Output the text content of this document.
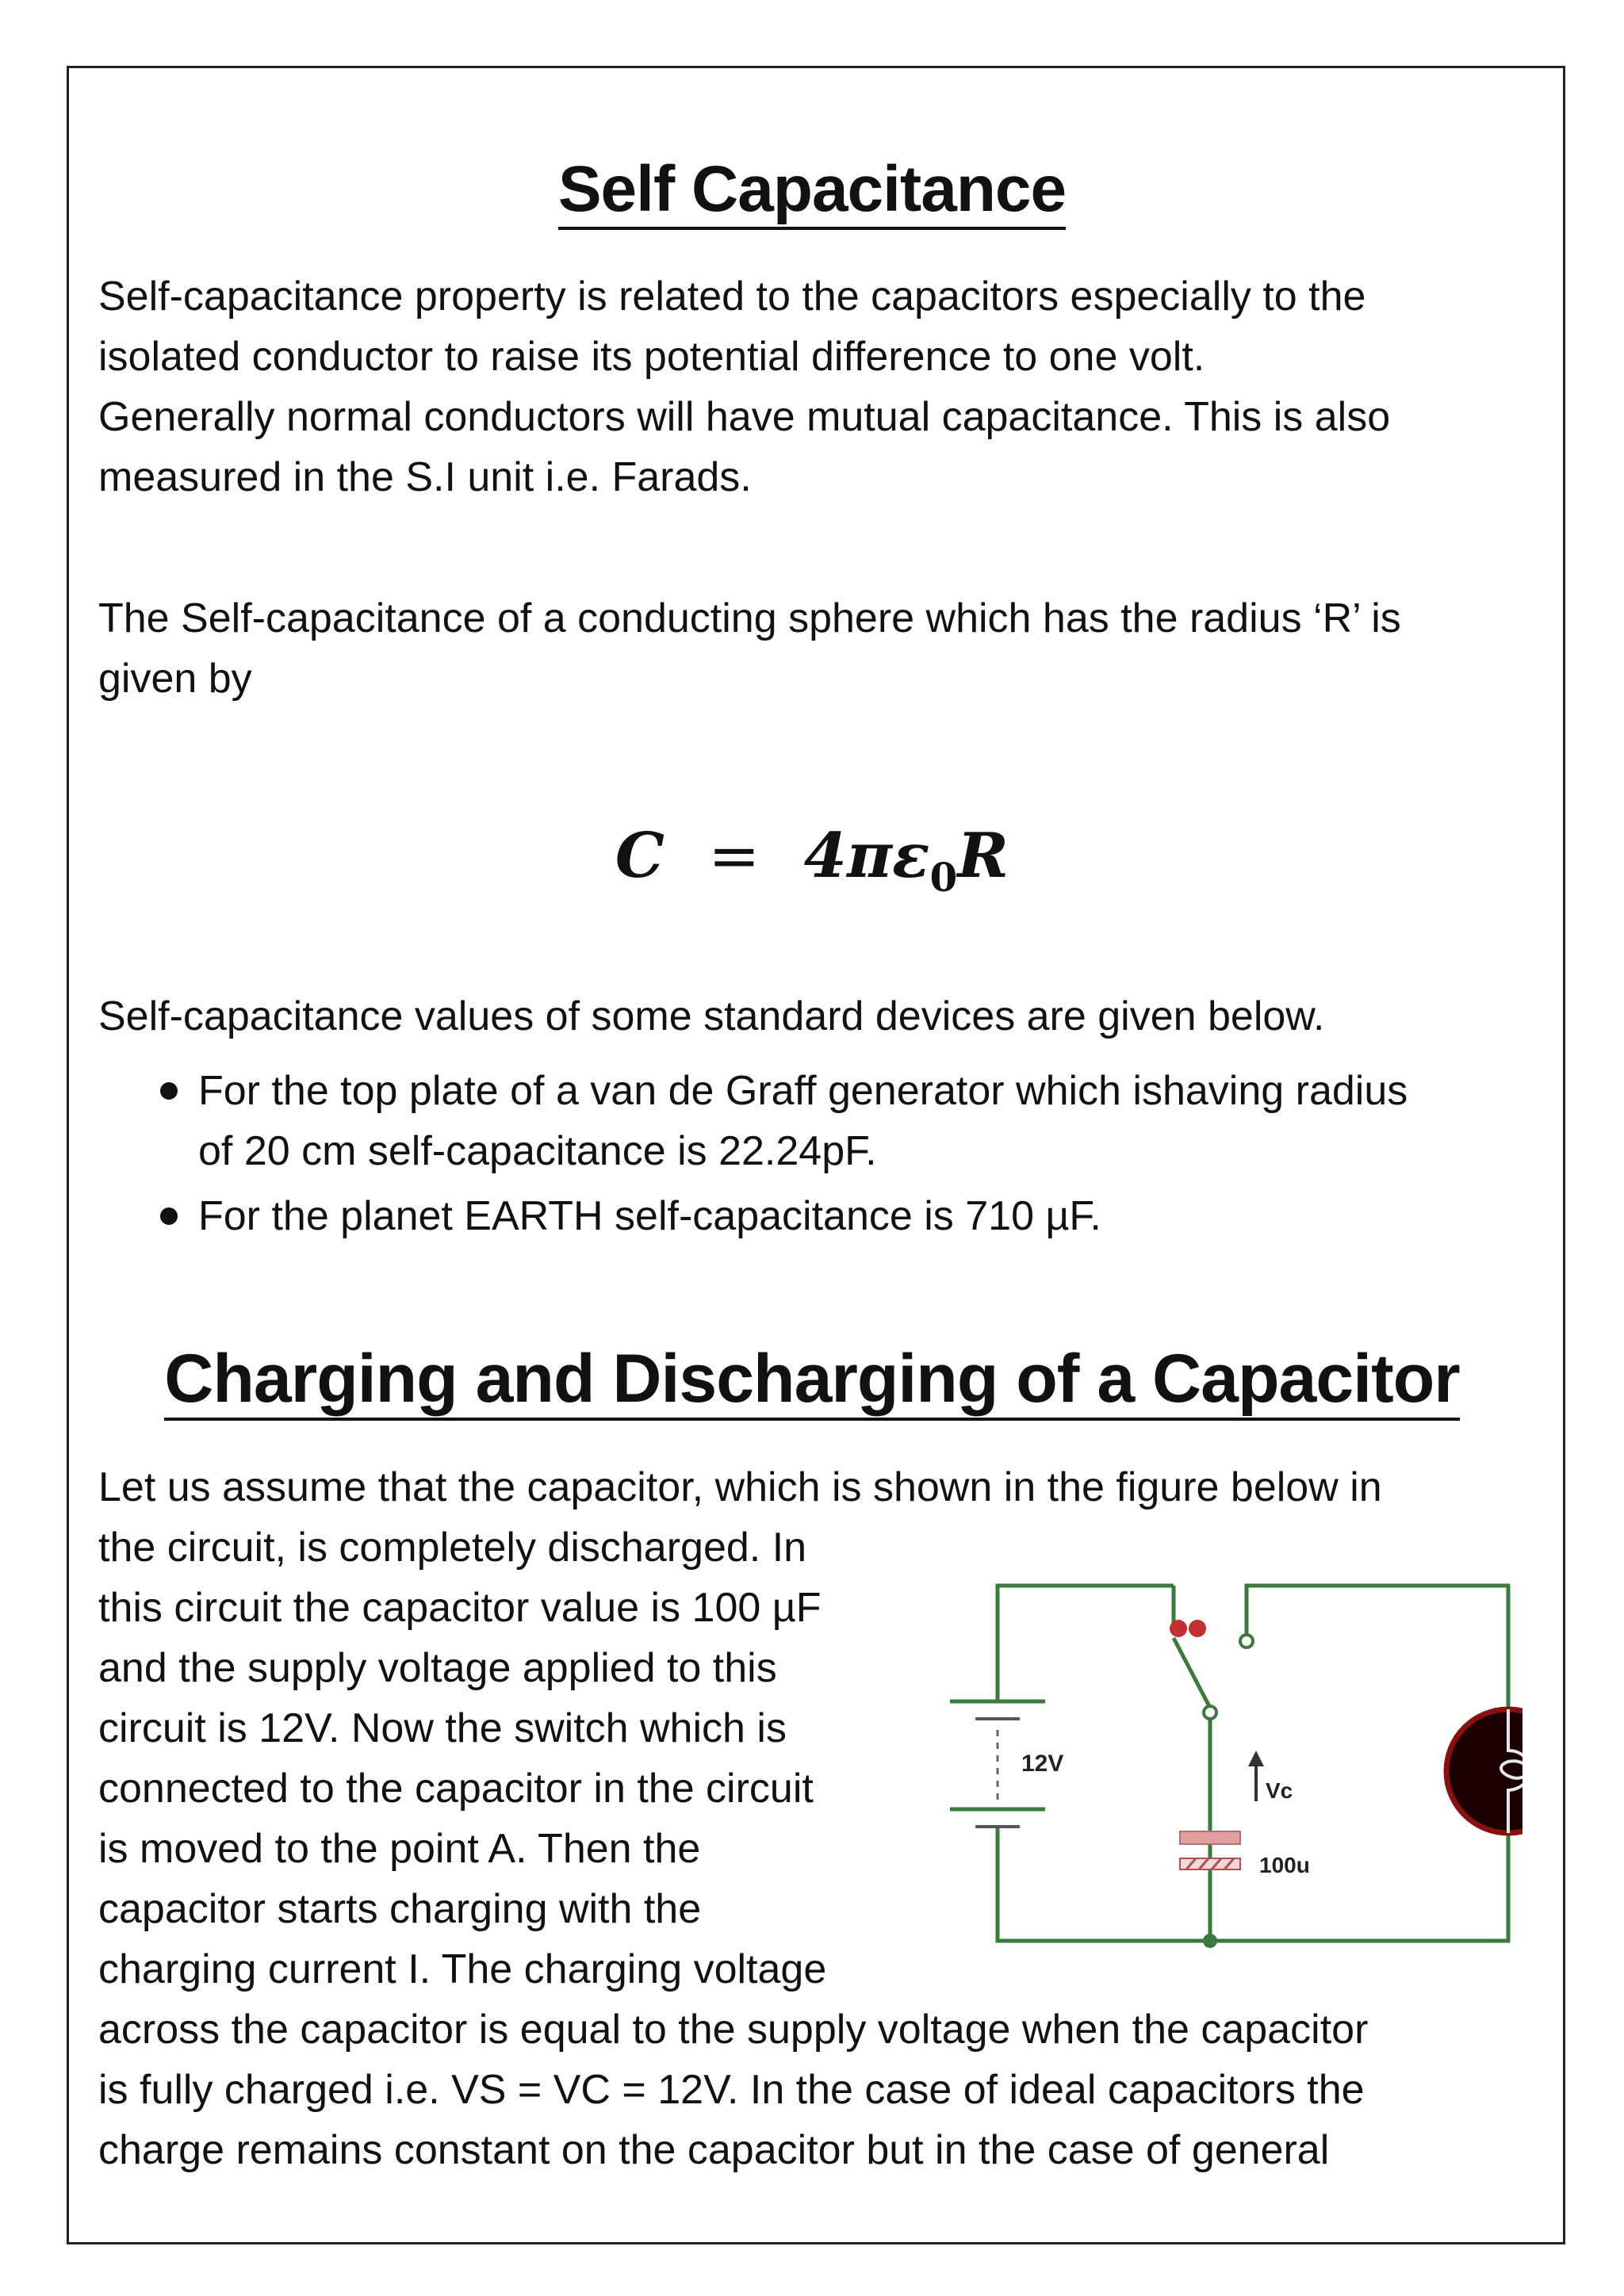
Self Capacitance
Self-capacitance property is related to the capacitors especially to the
isolated conductor to raise its potential difference to one volt.
Generally normal conductors will have mutual capacitance. This is also
measured in the S.I unit i.e. Farads.
The Self-capacitance of a conducting sphere which has the radius ‘R’ is
given by
$C = 4\pi\varepsilon_0R$
Self-capacitance values of some standard devices are given below.
For the top plate of a van de Graff generator which ishaving radius
of 20 cm self-capacitance is 22.24pF.
For the planet EARTH self-capacitance is 710 µF.
Charging and Discharging of a Capacitor
Let us assume that the capacitor, which is shown in the figure below in
the circuit, is completely discharged. In
this circuit the capacitor value is 100 µF
and the supply voltage applied to this
circuit is 12V. Now the switch which is
connected to the capacitor in the circuit
is moved to the point A. Then the
capacitor starts charging with the
charging current I. The charging voltage
across the capacitor is equal to the supply voltage when the capacitor
is fully charged i.e. VS = VC = 12V. In the case of ideal capacitors the
charge remains constant on the capacitor but in the case of general
12V
Vc
100u
